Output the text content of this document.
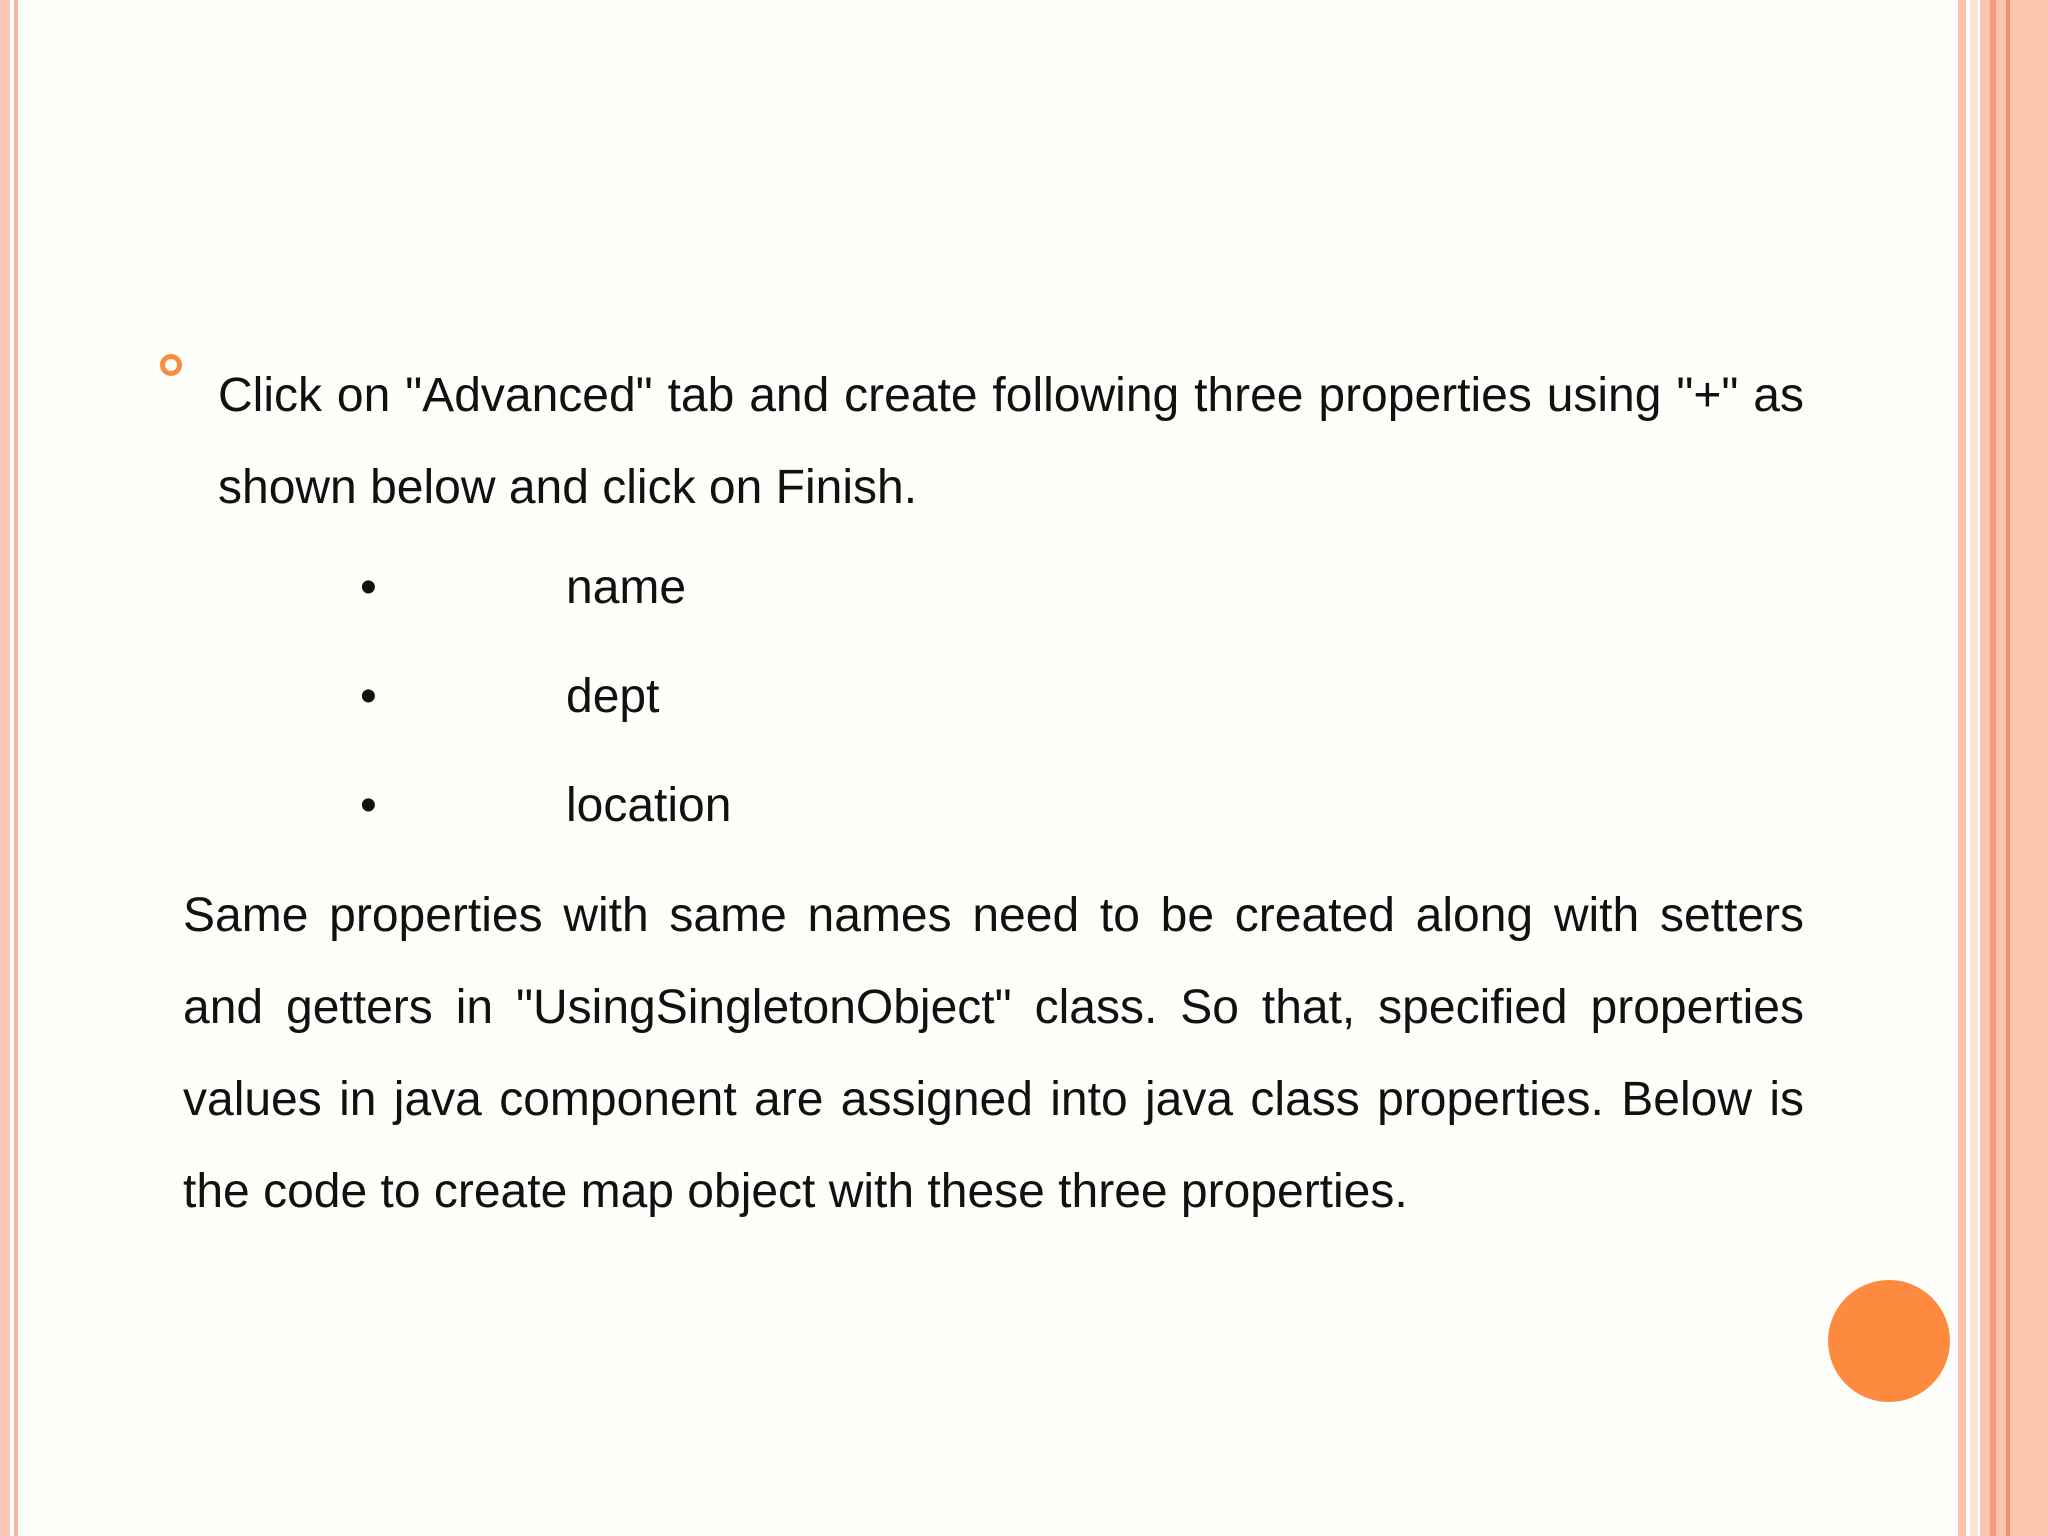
Click on "Advanced" tab and create following three properties using "+" as shown below and click on Finish.

•	name
•	dept
•	location

Same properties with same names need to be created along with setters and getters in "UsingSingletonObject" class. So that, specified properties values in java component are assigned into java class properties. Below is the code to create map object with these three properties.
